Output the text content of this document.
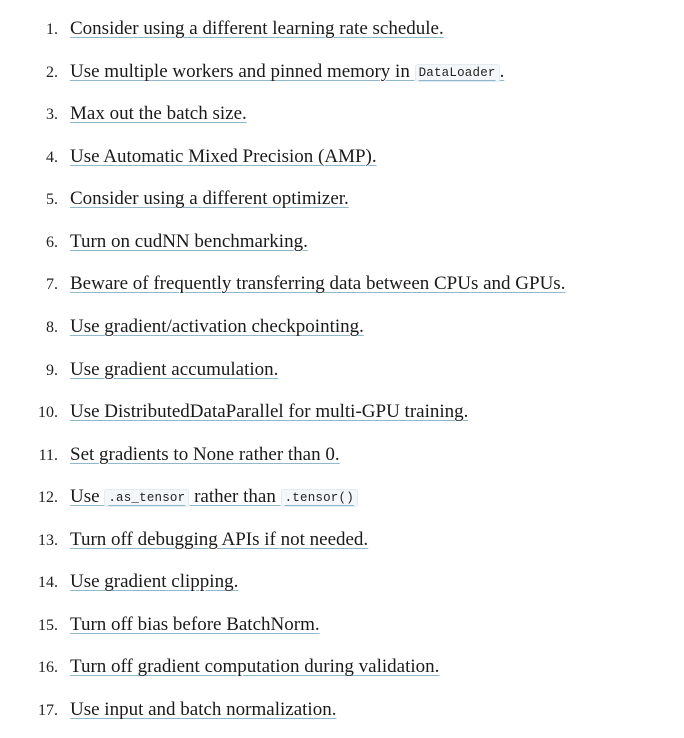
Consider using a different learning rate schedule.
Use multiple workers and pinned memory in DataLoader .
Max out the batch size.
Use Automatic Mixed Precision (AMP).
Consider using a different optimizer.
Turn on cudNN benchmarking.
Beware of frequently transferring data between CPUs and GPUs.
Use gradient/activation checkpointing.
Use gradient accumulation.
Use DistributedDataParallel for multi-GPU training.
Set gradients to None rather than 0.
Use .as_tensor rather than .tensor()
Turn off debugging APIs if not needed.
Use gradient clipping.
Turn off bias before BatchNorm.
Turn off gradient computation during validation.
Use input and batch normalization.
